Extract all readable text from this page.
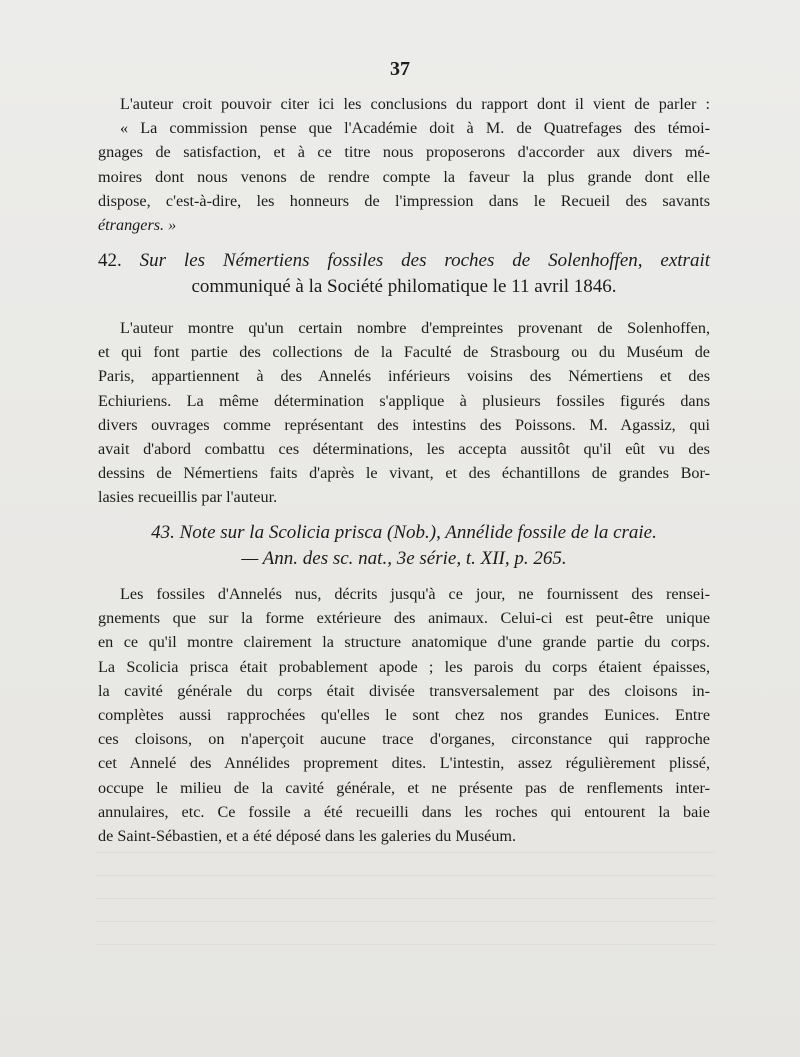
37
L'auteur croit pouvoir citer ici les conclusions du rapport dont il vient de parler :
« La commission pense que l'Académie doit à M. de Quatrefages des témoi-
gnages de satisfaction, et à ce titre nous proposerons d'accorder aux divers mé-
moires dont nous venons de rendre compte la faveur la plus grande dont elle
dispose, c'est-à-dire, les honneurs de l'impression dans le Recueil des savants
étrangers. »
42. Sur les Némertiens fossiles des roches de Solenhoffen, extrait
communiqué à la Société philomatique le 11 avril 1846.
L'auteur montre qu'un certain nombre d'empreintes provenant de Solenhoffen,
et qui font partie des collections de la Faculté de Strasbourg ou du Muséum de
Paris, appartiennent à des Annelés inférieurs voisins des Némertiens et des
Echiuriens. La même détermination s'applique à plusieurs fossiles figurés dans
divers ouvrages comme représentant des intestins des Poissons. M. Agassiz, qui
avait d'abord combattu ces déterminations, les accepta aussitôt qu'il eût vu des
dessins de Némertiens faits d'après le vivant, et des échantillons de grandes Bor-
lasies recueillis par l'auteur.
43. Note sur la Scolicia prisca (Nob.), Annélide fossile de la craie.
— Ann. des sc. nat., 3e série, t. XII, p. 265.
Les fossiles d'Annelés nus, décrits jusqu'à ce jour, ne fournissent des rensei-
gnements que sur la forme extérieure des animaux. Celui-ci est peut-être unique
en ce qu'il montre clairement la structure anatomique d'une grande partie du corps.
La Scolicia prisca était probablement apode ; les parois du corps étaient épaisses,
la cavité générale du corps était divisée transversalement par des cloisons in-
complètes aussi rapprochées qu'elles le sont chez nos grandes Eunices. Entre
ces cloisons, on n'aperçoit aucune trace d'organes, circonstance qui rapproche
cet Annelé des Annélides proprement dites. L'intestin, assez régulièrement plissé,
occupe le milieu de la cavité générale, et ne présente pas de renflements inter-
annulaires, etc. Ce fossile a été recueilli dans les roches qui entourent la baie
de Saint-Sébastien, et a été déposé dans les galeries du Muséum.
